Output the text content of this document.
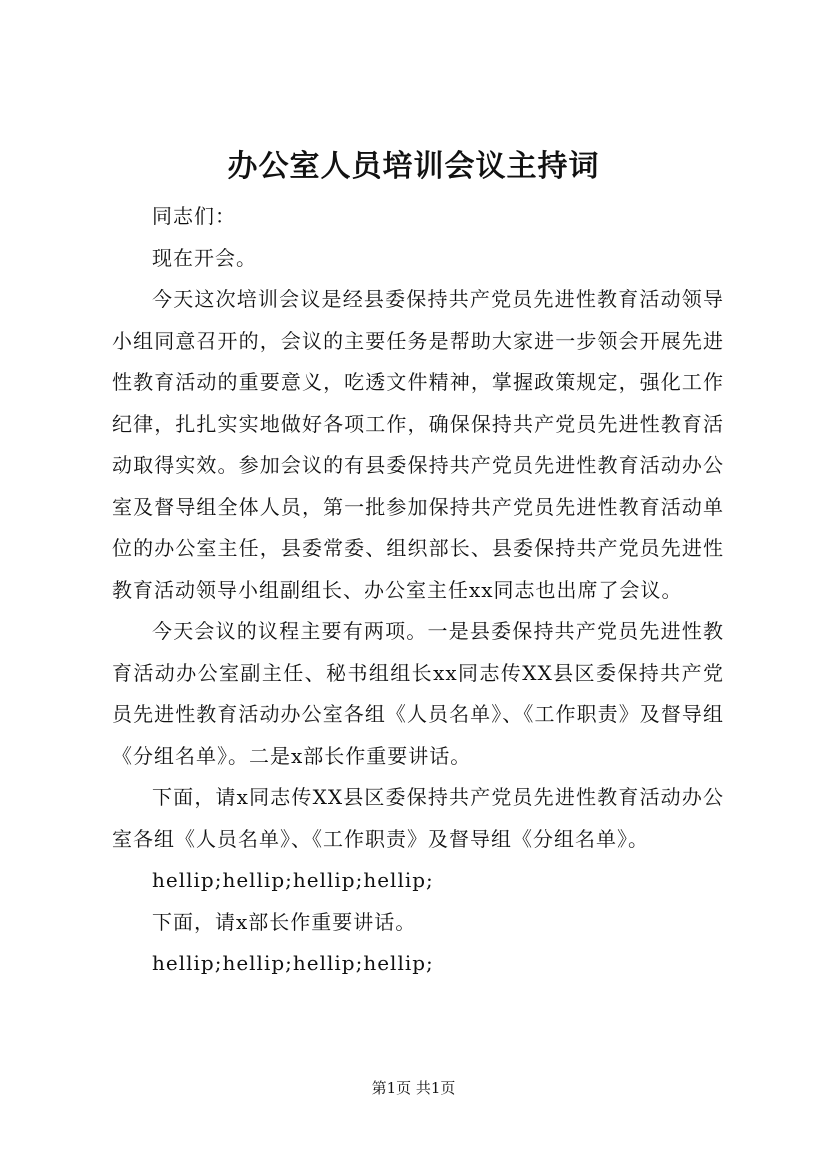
办公室人员培训会议主持词

同志们：

现在开会。

今天这次培训会议是经县委保持共产党员先进性教育活动领导小组同意召开的，会议的主要任务是帮助大家进一步领会开展先进性教育活动的重要意义，吃透文件精神，掌握政策规定，强化工作纪律，扎扎实实地做好各项工作，确保保持共产党员先进性教育活动取得实效。参加会议的有县委保持共产党员先进性教育活动办公室及督导组全体人员，第一批参加保持共产党员先进性教育活动单位的办公室主任，县委常委、组织部长、县委保持共产党员先进性教育活动领导小组副组长、办公室主任xx同志也出席了会议。

今天会议的议程主要有两项。一是县委保持共产党员先进性教育活动办公室副主任、秘书组组长xx同志传XX县区委保持共产党员先进性教育活动办公室各组《人员名单》、《工作职责》及督导组《分组名单》。二是x部长作重要讲话。

下面，请x同志传XX县区委保持共产党员先进性教育活动办公室各组《人员名单》、《工作职责》及督导组《分组名单》。

hellip;hellip;hellip;hellip;

下面，请x部长作重要讲话。

hellip;hellip;hellip;hellip;

第1页 共1页
